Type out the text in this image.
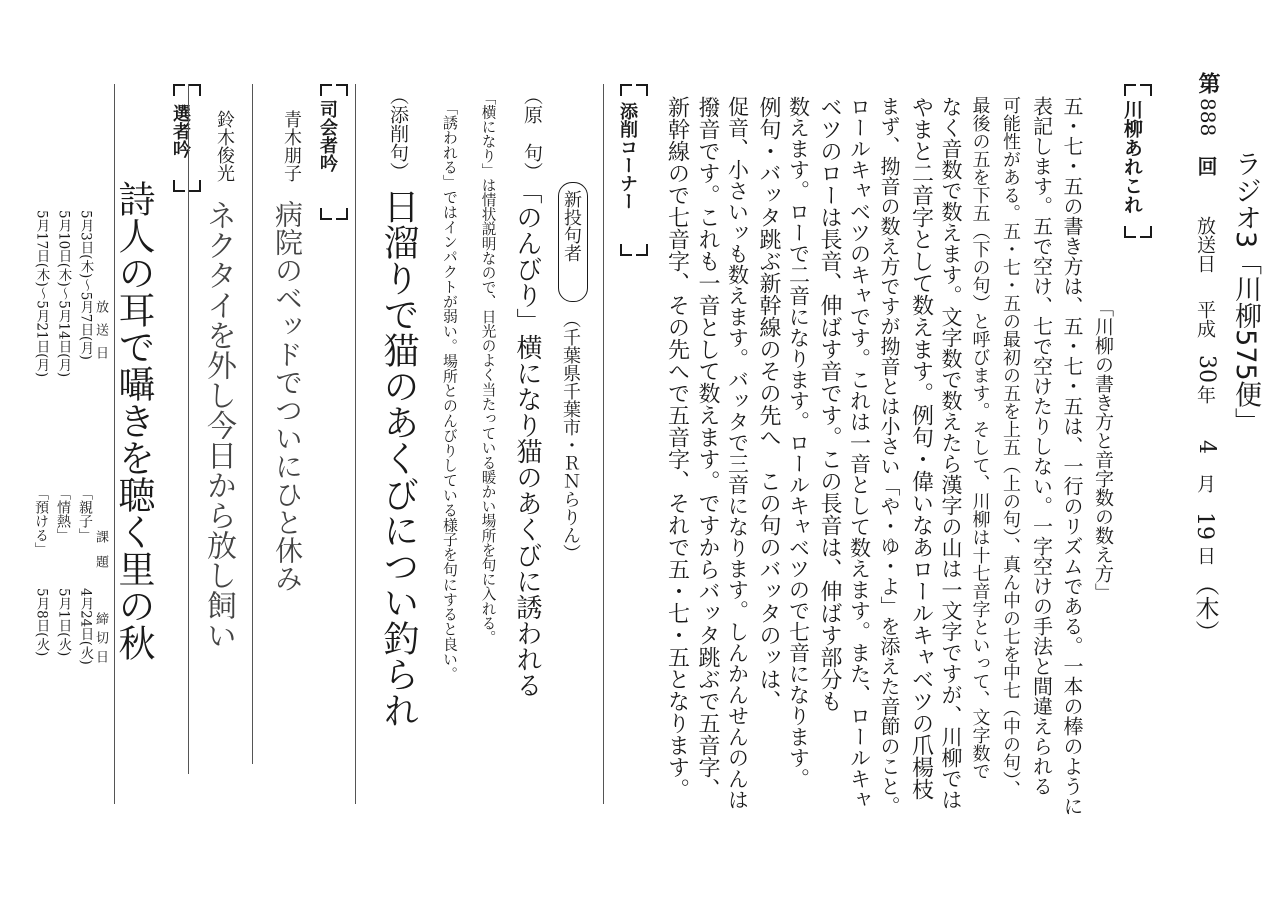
ラジオ3「川柳575便」
第
888
回
放送日
平成
30
年
4
月
19
日
（木）
川柳あれこれ
「川柳の書き方と音字数の数え方」
五・七・五の書き方は、五・七・五は、一行のリズムである。一本の棒のように
表記します。五で空け、七で空けたりしない。一字空けの手法と間違えられる
可能性がある。五・七・五の最初の五を上五（上の句）、真ん中の七を中七（中の句）、
最後の五を下五（下の句）と呼びます。そして、川柳は十七音字といって、文字数で
なく音数で数えます。文字数で数えたら漢字の山は一文字ですが、川柳では
やまと二音字として数えます。例句・偉いなあロールキャベツの爪楊枝
まず、拗音の数え方ですが拗音とは小さい「や・ゆ・よ」を添えた音節のこと。
ロールキャベツのキャです。これは一音として数えます。また、ロールキャ
ベツのローは長音、伸ばす音です。この長音は、伸ばす部分も
数えます。ローで二音になります。ロールキャベツので七音になります。
例句・バッタ跳ぶ新幹線のその先へ　この句のバッタのッは、
促音、小さいッも数えます。バッタで三音になります。しんかんせんのんは
撥音です。これも一音として数えます。ですからバッタ跳ぶで五音字、
新幹線ので七音字、その先へで五音字、それで五・七・五となります。
添削コーナー
新投句者
（千葉県千葉市・ＲＮらりん）
（原　句）
「のんびり」横になり猫のあくびに誘われる
「横になり」は情状説明なので、日光のよく当たっている暖かい場所を句に入れる。
「誘われる」ではインパクトが弱い。場所とのんびりしている様子を句にすると良い。
（添削句）
日溜りで猫のあくびについ釣られ
司会者吟
青木朋子
病院のベッドでついにひと休み
鈴木俊光
ネクタイを外し今日から放し飼い
選者吟
詩人の耳で囁きを聴く里の秋
放送日
課題
締切日
5月3日(木)～5月7日(月)
「親子」
4月24日(火)
5月10日(木)～5月14日(月)
「情熱」
5月1日(火)
5月17日(木)～5月21日(月)
「預ける」
5月8日(火)
